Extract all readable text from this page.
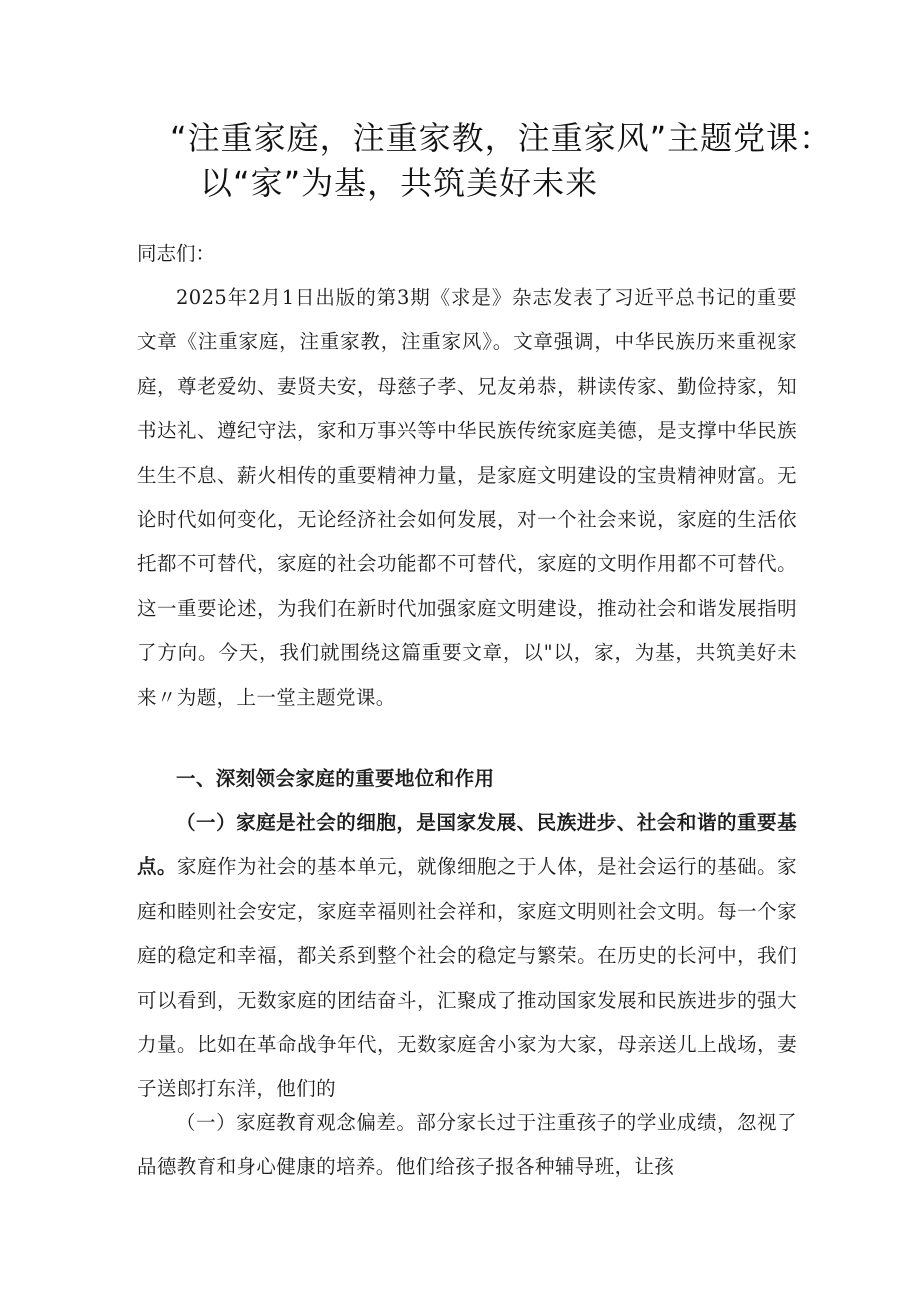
“注重家庭，注重家教，注重家风”主题党课：
以“家”为基，共筑美好未来

同志们：

2025年2月1日出版的第3期《求是》杂志发表了习近平总书记的重要文章《注重家庭，注重家教，注重家风》。文章强调，中华民族历来重视家庭，尊老爱幼、妻贤夫安，母慈子孝、兄友弟恭，耕读传家、勤俭持家，知书达礼、遵纪守法，家和万事兴等中华民族传统家庭美德，是支撑中华民族生生不息、薪火相传的重要精神力量，是家庭文明建设的宝贵精神财富。无论时代如何变化，无论经济社会如何发展，对一个社会来说，家庭的生活依托都不可替代，家庭的社会功能都不可替代，家庭的文明作用都不可替代。这一重要论述，为我们在新时代加强家庭文明建设，推动社会和谐发展指明了方向。今天，我们就围绕这篇重要文章，以"以，家，为基，共筑美好未来〃为题，上一堂主题党课。

一、深刻领会家庭的重要地位和作用

（一）家庭是社会的细胞，是国家发展、民族进步、社会和谐的重要基点。家庭作为社会的基本单元，就像细胞之于人体，是社会运行的基础。家庭和睦则社会安定，家庭幸福则社会祥和，家庭文明则社会文明。每一个家庭的稳定和幸福，都关系到整个社会的稳定与繁荣。在历史的长河中，我们可以看到，无数家庭的团结奋斗，汇聚成了推动国家发展和民族进步的强大力量。比如在革命战争年代，无数家庭舍小家为大家，母亲送儿上战场，妻子送郎打东洋，他们的

（一）家庭教育观念偏差。部分家长过于注重孩子的学业成绩，忽视了品德教育和身心健康的培养。他们给孩子报各种辅导班，让孩
